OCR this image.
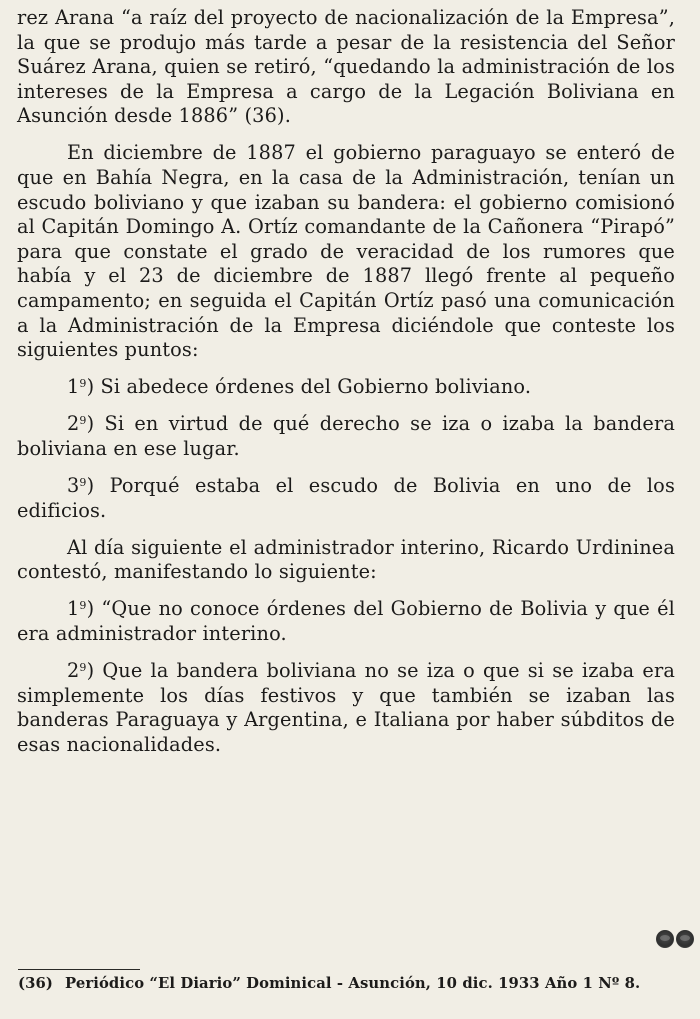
rez Arana “a raíz del proyecto de nacionalización de la Empresa”, la que se produjo más tarde a pesar de la resistencia del Señor Suárez Arana, quien se retiró, “quedando la administración de los intereses de la Empresa a cargo de la Legación Boliviana en Asunción desde 1886” (36).

En diciembre de 1887 el gobierno paraguayo se enteró de que en Bahía Negra, en la casa de la Administración, tenían un escudo boliviano y que izaban su bandera: el gobierno comisionó al Capitán Domingo A. Ortíz comandante de la Cañonera “Pirapó” para que constate el grado de veracidad de los rumores que había y el 23 de diciembre de 1887 llegó frente al pequeño campamento; en seguida el Capitán Ortíz pasó una comunicación a la Administración de la Empresa diciéndole que conteste los siguientes puntos:

$1^9$) Si abedece órdenes del Gobierno boliviano.

$2^9$) Si en virtud de qué derecho se iza o izaba la bandera boliviana en ese lugar.

$3^9$) Porqué estaba el escudo de Bolivia en uno de los edificios.

Al día siguiente el administrador interino, Ricardo Urdininea contestó, manifestando lo siguiente:

$1^9$) “Que no conoce órdenes del Gobierno de Bolivia y que él era administrador interino.

$2^9$) Que la bandera boliviana no se iza o que si se izaba era simplemente los días festivos y que también se izaban las banderas Paraguaya y Argentina, e Italiana por haber súbditos de esas nacionalidades.

(36) Periódico “El Diario” Dominical - Asunción, 10 dic. 1933 Año 1 Nº 8.
